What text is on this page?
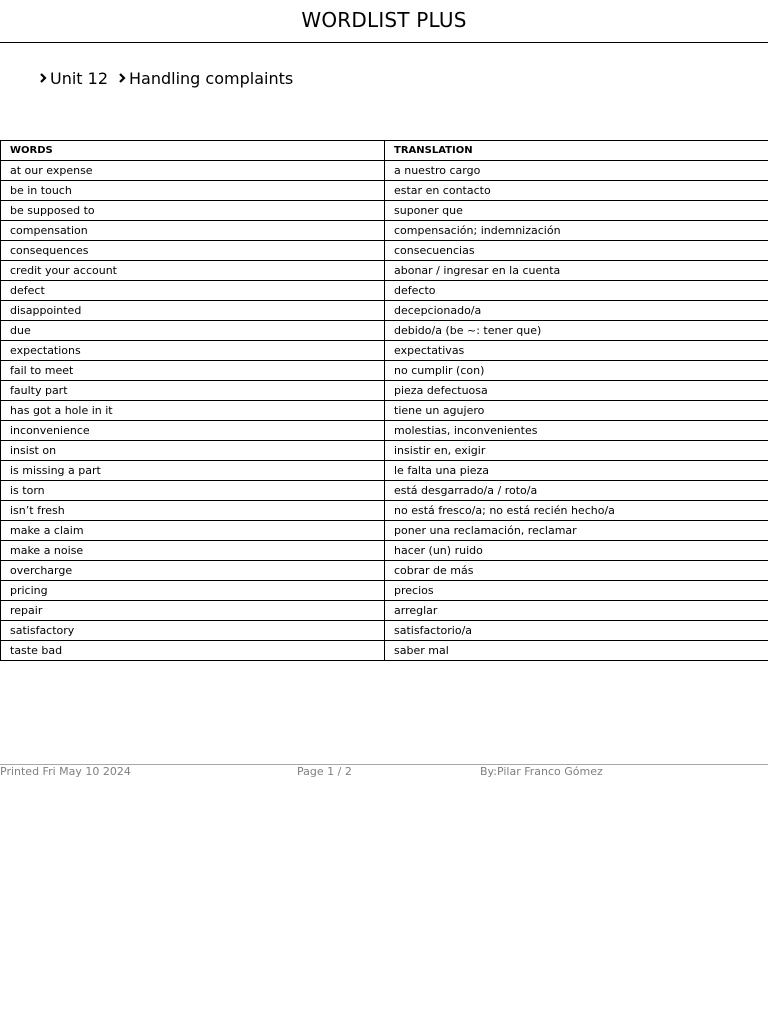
WORDLIST PLUS
Unit 12 Handling complaints
WORDS	TRANSLATION
at our expense	a nuestro cargo
be in touch	estar en contacto
be supposed to	suponer que
compensation	compensación; indemnización
consequences	consecuencias
credit your account	abonar / ingresar en la cuenta
defect	defecto
disappointed	decepcionado/a
due	debido/a (be ~: tener que)
expectations	expectativas
fail to meet	no cumplir (con)
faulty part	pieza defectuosa
has got a hole in it	tiene un agujero
inconvenience	molestias, inconvenientes
insist on	insistir en, exigir
is missing a part	le falta una pieza
is torn	está desgarrado/a / roto/a
isn’t fresh	no está fresco/a; no está recién hecho/a
make a claim	poner una reclamación, reclamar
make a noise	hacer (un) ruido
overcharge	cobrar de más
pricing	precios
repair	arreglar
satisfactory	satisfactorio/a
taste bad	saber mal
Printed Fri May 10 2024	Page 1 / 2	By:Pilar Franco Gómez
